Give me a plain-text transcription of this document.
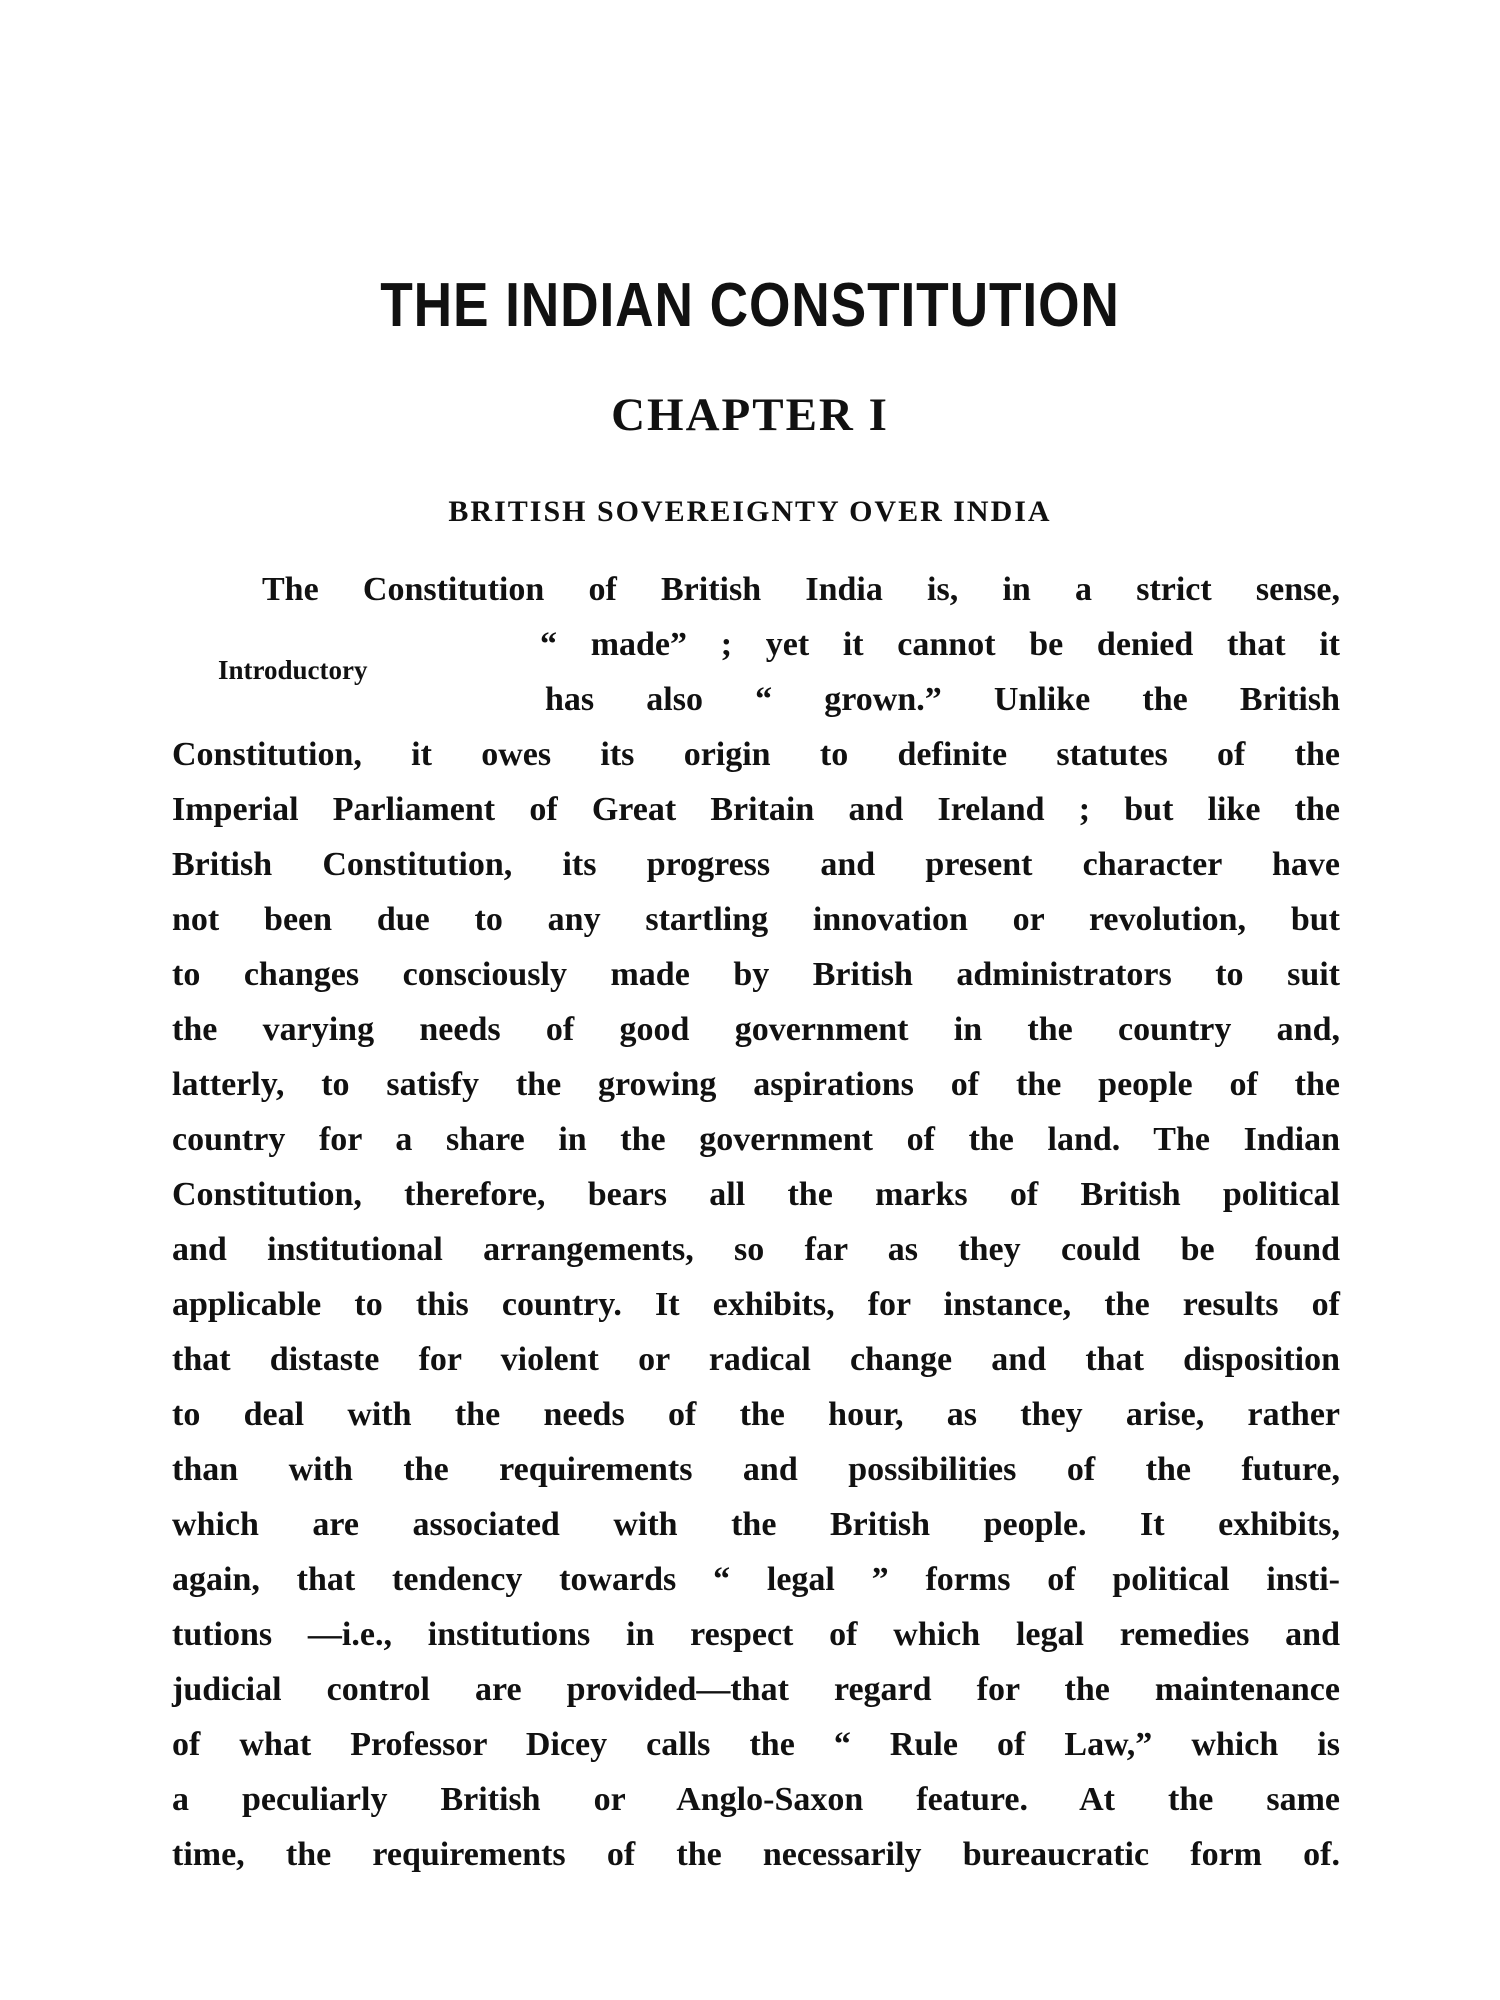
THE INDIAN CONSTITUTION
CHAPTER I
BRITISH SOVEREIGNTY OVER INDIA
Introductory
The Constitution of British India is, in a strict sense,
“ made” ; yet it cannot be denied that it
has also “ grown.” Unlike the British
Constitution, it owes its origin to definite statutes of the
Imperial Parliament of Great Britain and Ireland ; but like the
British Constitution, its progress and present character have
not been due to any startling innovation or revolution, but
to changes consciously made by British administrators to suit
the varying needs of good government in the country and,
latterly, to satisfy the growing aspirations of the people of the
country for a share in the government of the land. The Indian
Constitution, therefore, bears all the marks of British political
and institutional arrangements, so far as they could be found
applicable to this country. It exhibits, for instance, the results of
that distaste for violent or radical change and that disposition
to deal with the needs of the hour, as they arise, rather
than with the requirements and possibilities of the future,
which are associated with the British people. It exhibits,
again, that tendency towards “ legal ” forms of political insti-
tutions —i.e., institutions in respect of which legal remedies and
judicial control are provided—that regard for the maintenance
of what Professor Dicey calls the “ Rule of Law,” which is
a peculiarly British or Anglo-Saxon feature. At the same
time, the requirements of the necessarily bureaucratic form of.
